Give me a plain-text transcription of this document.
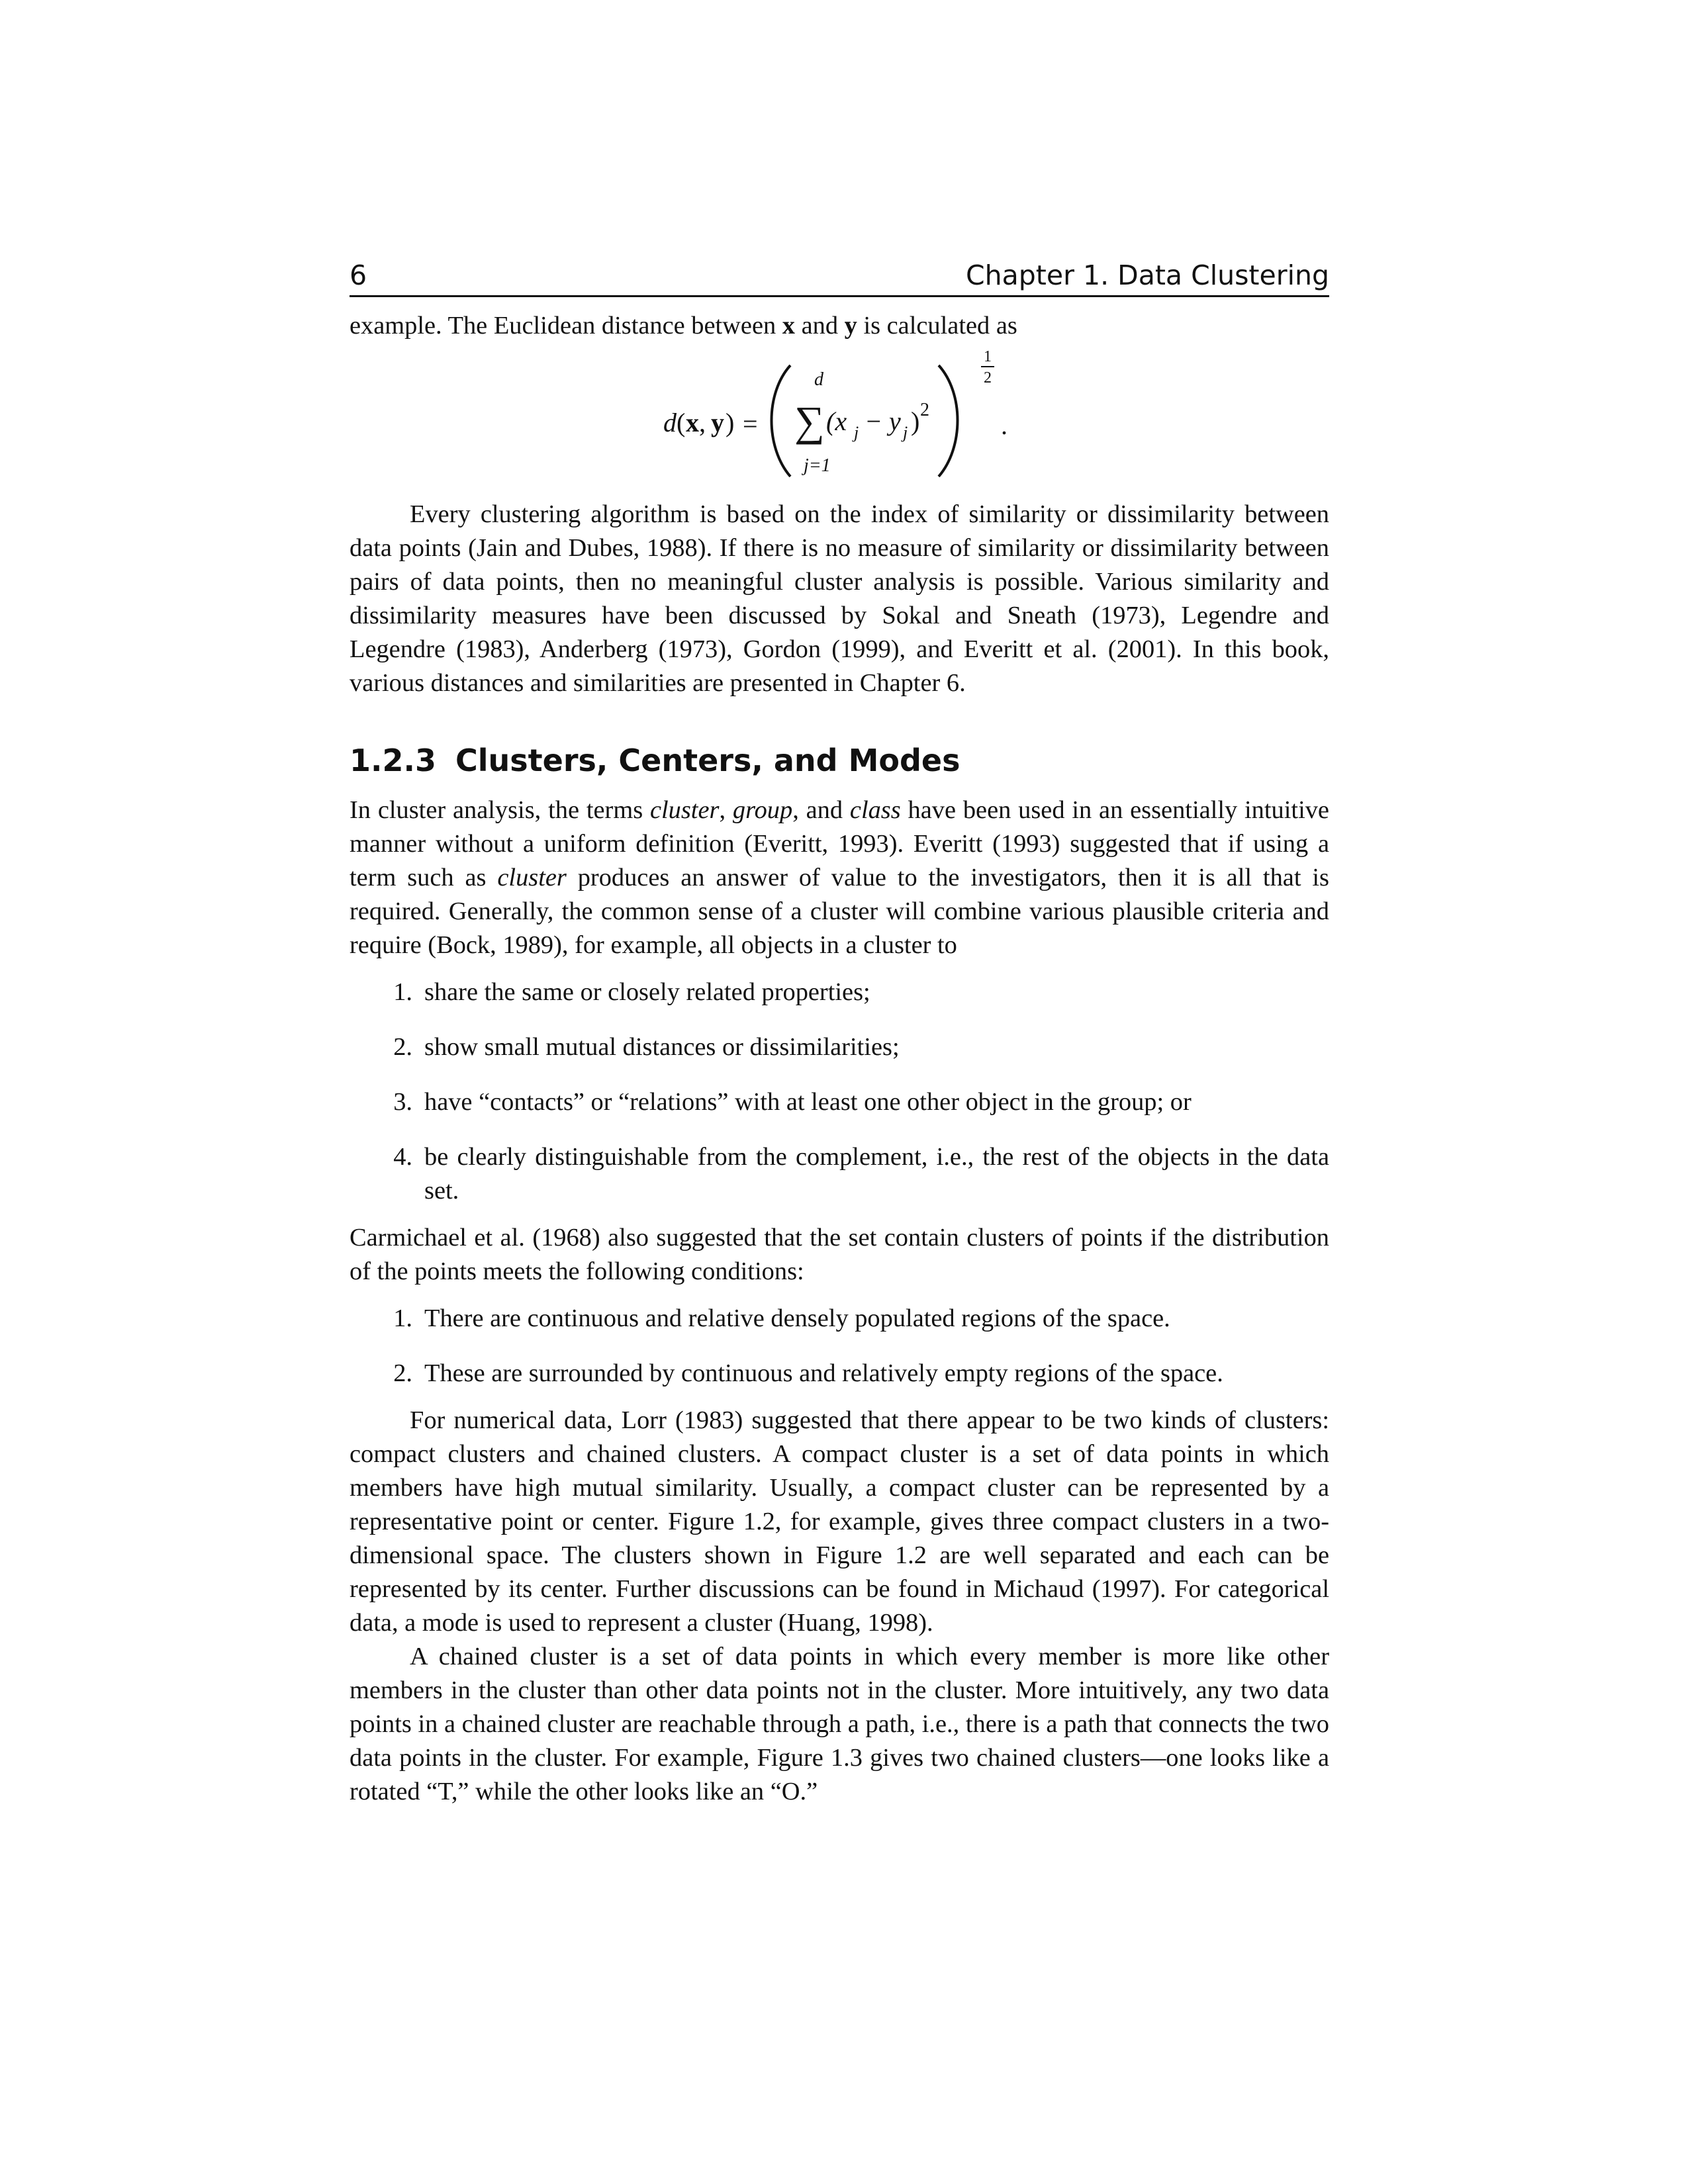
6	Chapter 1. Data Clustering

example. The Euclidean distance between x and y is calculated as

d ( x , y ) =
d
∑
j=1
(x j − y j ) 2
1
2
.

Every clustering algorithm is based on the index of similarity or dissimilarity between data points (Jain and Dubes, 1988). If there is no measure of similarity or dissimilarity between pairs of data points, then no meaningful cluster analysis is possible. Various similarity and dissimilarity measures have been discussed by Sokal and Sneath (1973), Legendre and Legendre (1983), Anderberg (1973), Gordon (1999), and Everitt et al. (2001). In this book, various distances and similarities are presented in Chapter 6.

1.2.3 Clusters, Centers, and Modes

In cluster analysis, the terms cluster, group, and class have been used in an essentially intuitive manner without a uniform definition (Everitt, 1993). Everitt (1993) suggested that if using a term such as cluster produces an answer of value to the investigators, then it is all that is required. Generally, the common sense of a cluster will combine various plausible criteria and require (Bock, 1989), for example, all objects in a cluster to

1. share the same or closely related properties;
2. show small mutual distances or dissimilarities;
3. have “contacts” or “relations” with at least one other object in the group; or
4. be clearly distinguishable from the complement, i.e., the rest of the objects in the data set.

Carmichael et al. (1968) also suggested that the set contain clusters of points if the distribution of the points meets the following conditions:

1. There are continuous and relative densely populated regions of the space.
2. These are surrounded by continuous and relatively empty regions of the space.

For numerical data, Lorr (1983) suggested that there appear to be two kinds of clusters: compact clusters and chained clusters. A compact cluster is a set of data points in which members have high mutual similarity. Usually, a compact cluster can be represented by a representative point or center. Figure 1.2, for example, gives three compact clusters in a two-dimensional space. The clusters shown in Figure 1.2 are well separated and each can be represented by its center. Further discussions can be found in Michaud (1997). For categorical data, a mode is used to represent a cluster (Huang, 1998).

A chained cluster is a set of data points in which every member is more like other members in the cluster than other data points not in the cluster. More intuitively, any two data points in a chained cluster are reachable through a path, i.e., there is a path that connects the two data points in the cluster. For example, Figure 1.3 gives two chained clusters—one looks like a rotated “T,” while the other looks like an “O.”
